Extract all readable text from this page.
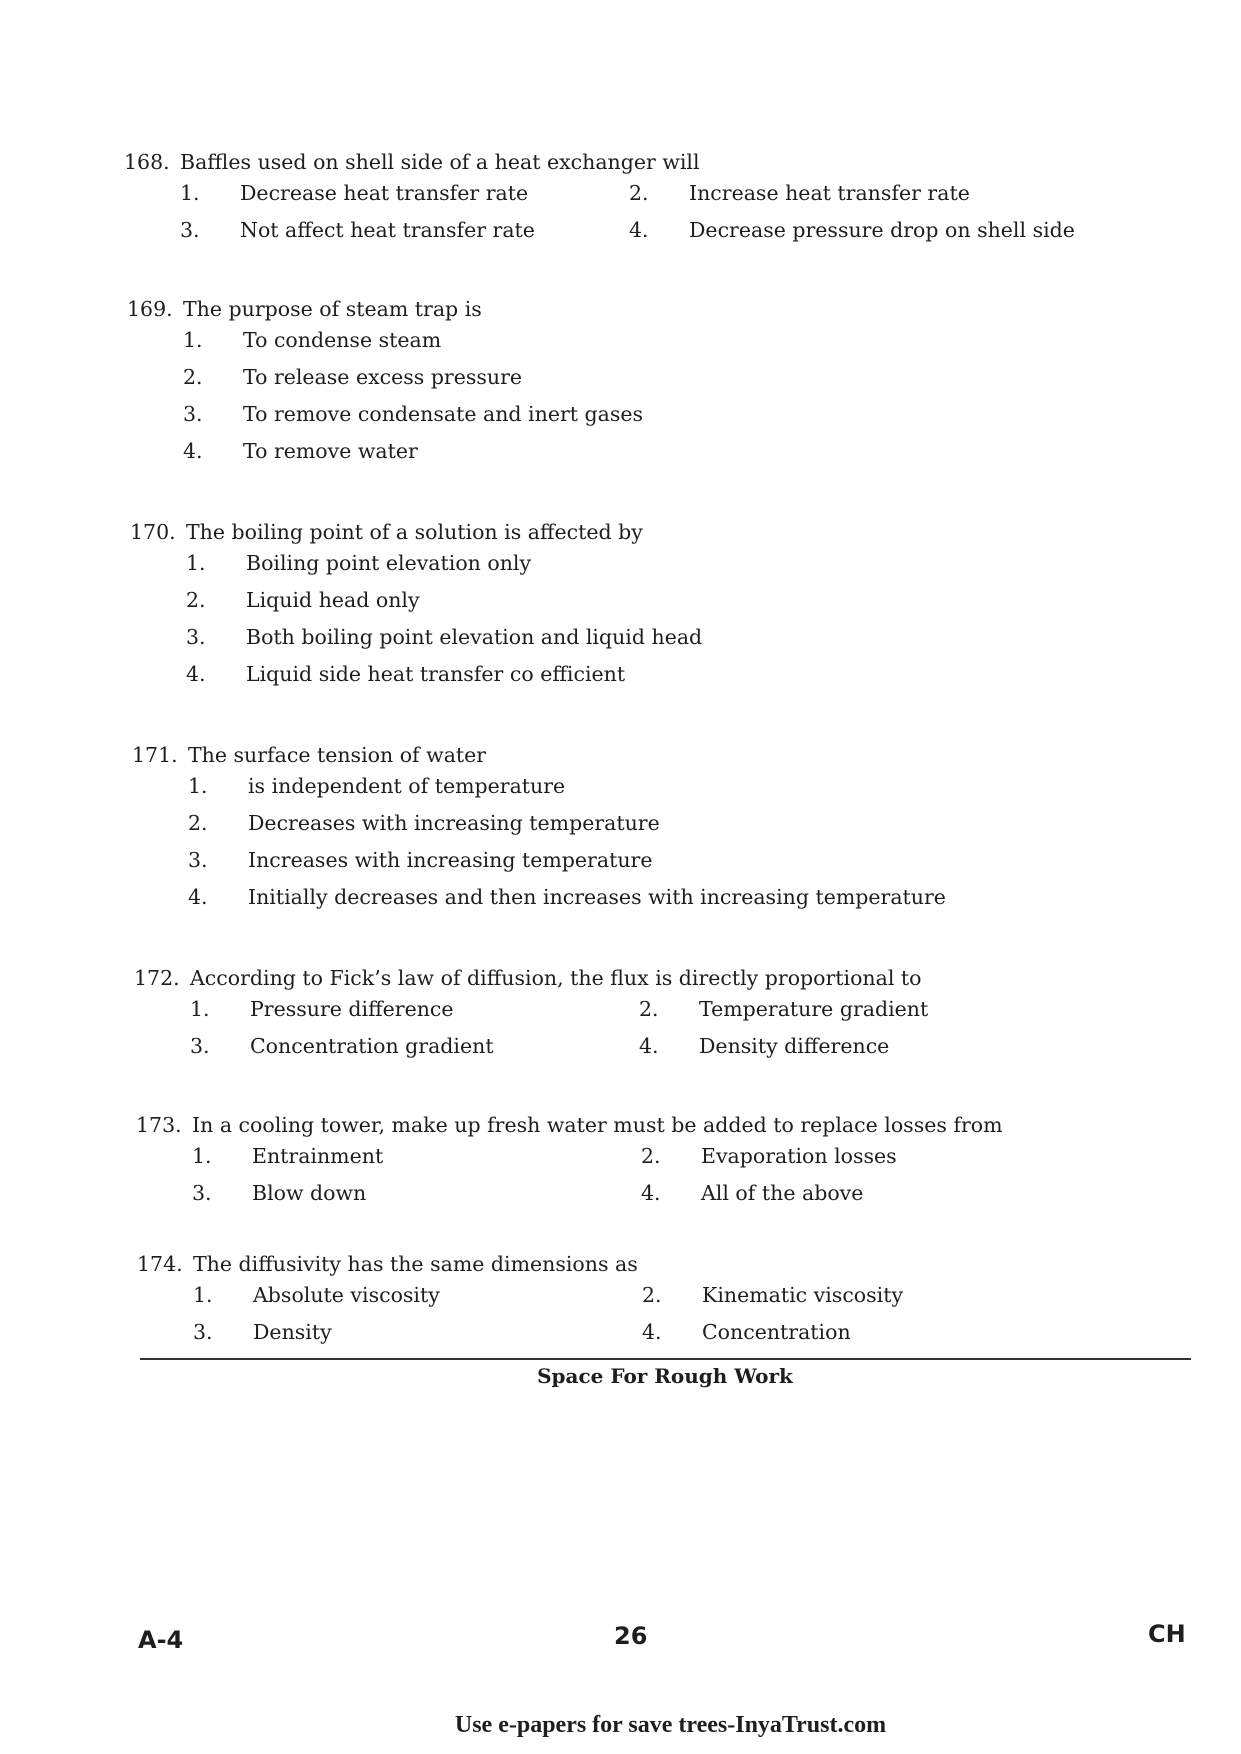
168. Baffles used on shell side of a heat exchanger will
1.	Decrease heat transfer rate	2.	Increase heat transfer rate
3.	Not affect heat transfer rate	4.	Decrease pressure drop on shell side
169. The purpose of steam trap is
1.	To condense steam
2.	To release excess pressure
3.	To remove condensate and inert gases
4.	To remove water
170. The boiling point of a solution is affected by
1.	Boiling point elevation only
2.	Liquid head only
3.	Both boiling point elevation and liquid head
4.	Liquid side heat transfer co efficient
171. The surface tension of water
1.	is independent of temperature
2.	Decreases with increasing temperature
3.	Increases with increasing temperature
4.	Initially decreases and then increases with increasing temperature
172. According to Fick’s law of diffusion, the flux is directly proportional to
1.	Pressure difference	2.	Temperature gradient
3.	Concentration gradient	4.	Density difference
173. In a cooling tower, make up fresh water must be added to replace losses from
1.	Entrainment	2.	Evaporation losses
3.	Blow down	4.	All of the above
174. The diffusivity has the same dimensions as
1.	Absolute viscosity	2.	Kinematic viscosity
3.	Density	4.	Concentration
Space For Rough Work
A-4	26	CH
Use e-papers for save trees-InyaTrust.com
